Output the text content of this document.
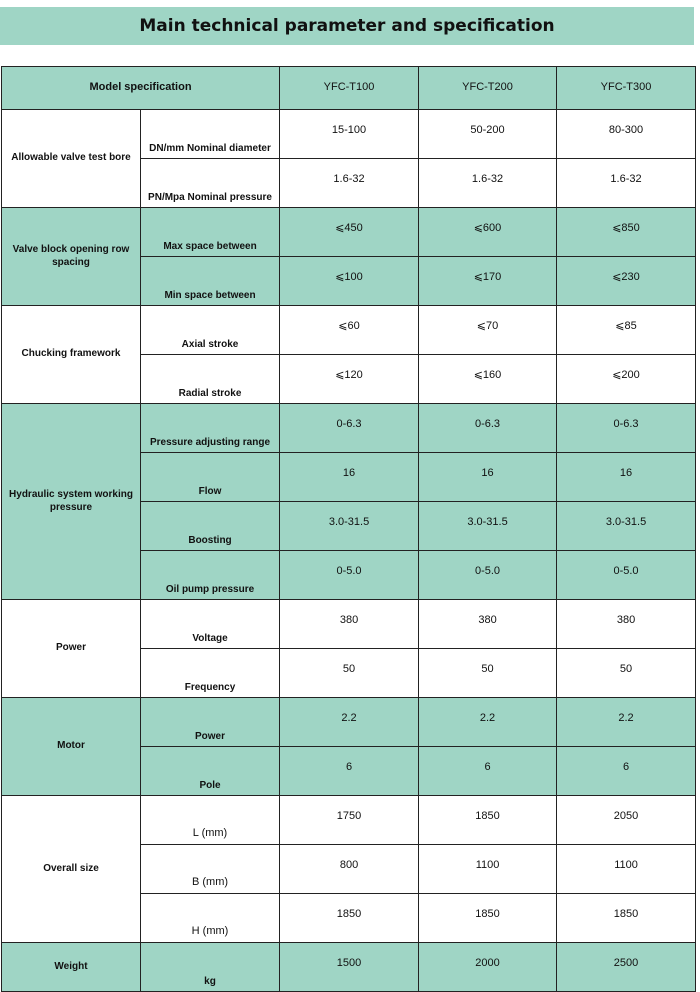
Main technical parameter and specification
Model specification		YFC-T100	YFC-T200	YFC-T300
Allowable valve test bore	DN/mm Nominal diameter	15-100	50-200	80-300
	PN/Mpa Nominal pressure	1.6-32	1.6-32	1.6-32
Valve block opening row spacing	Max space between	⩽450	⩽600	⩽850
	Min space between	⩽100	⩽170	⩽230
Chucking framework	Axial stroke	⩽60	⩽70	⩽85
	Radial stroke	⩽120	⩽160	⩽200
Hydraulic system working pressure	Pressure adjusting range	0-6.3	0-6.3	0-6.3
	Flow	16	16	16
	Boosting	3.0-31.5	3.0-31.5	3.0-31.5
	Oil pump pressure	0-5.0	0-5.0	0-5.0
Power	Voltage	380	380	380
	Frequency	50	50	50
Motor	Power	2.2	2.2	2.2
	Pole	6	6	6
Overall size	L (mm)	1750	1850	2050
	B (mm)	800	1100	1100
	H (mm)	1850	1850	1850
Weight	kg	1500	2000	2500
